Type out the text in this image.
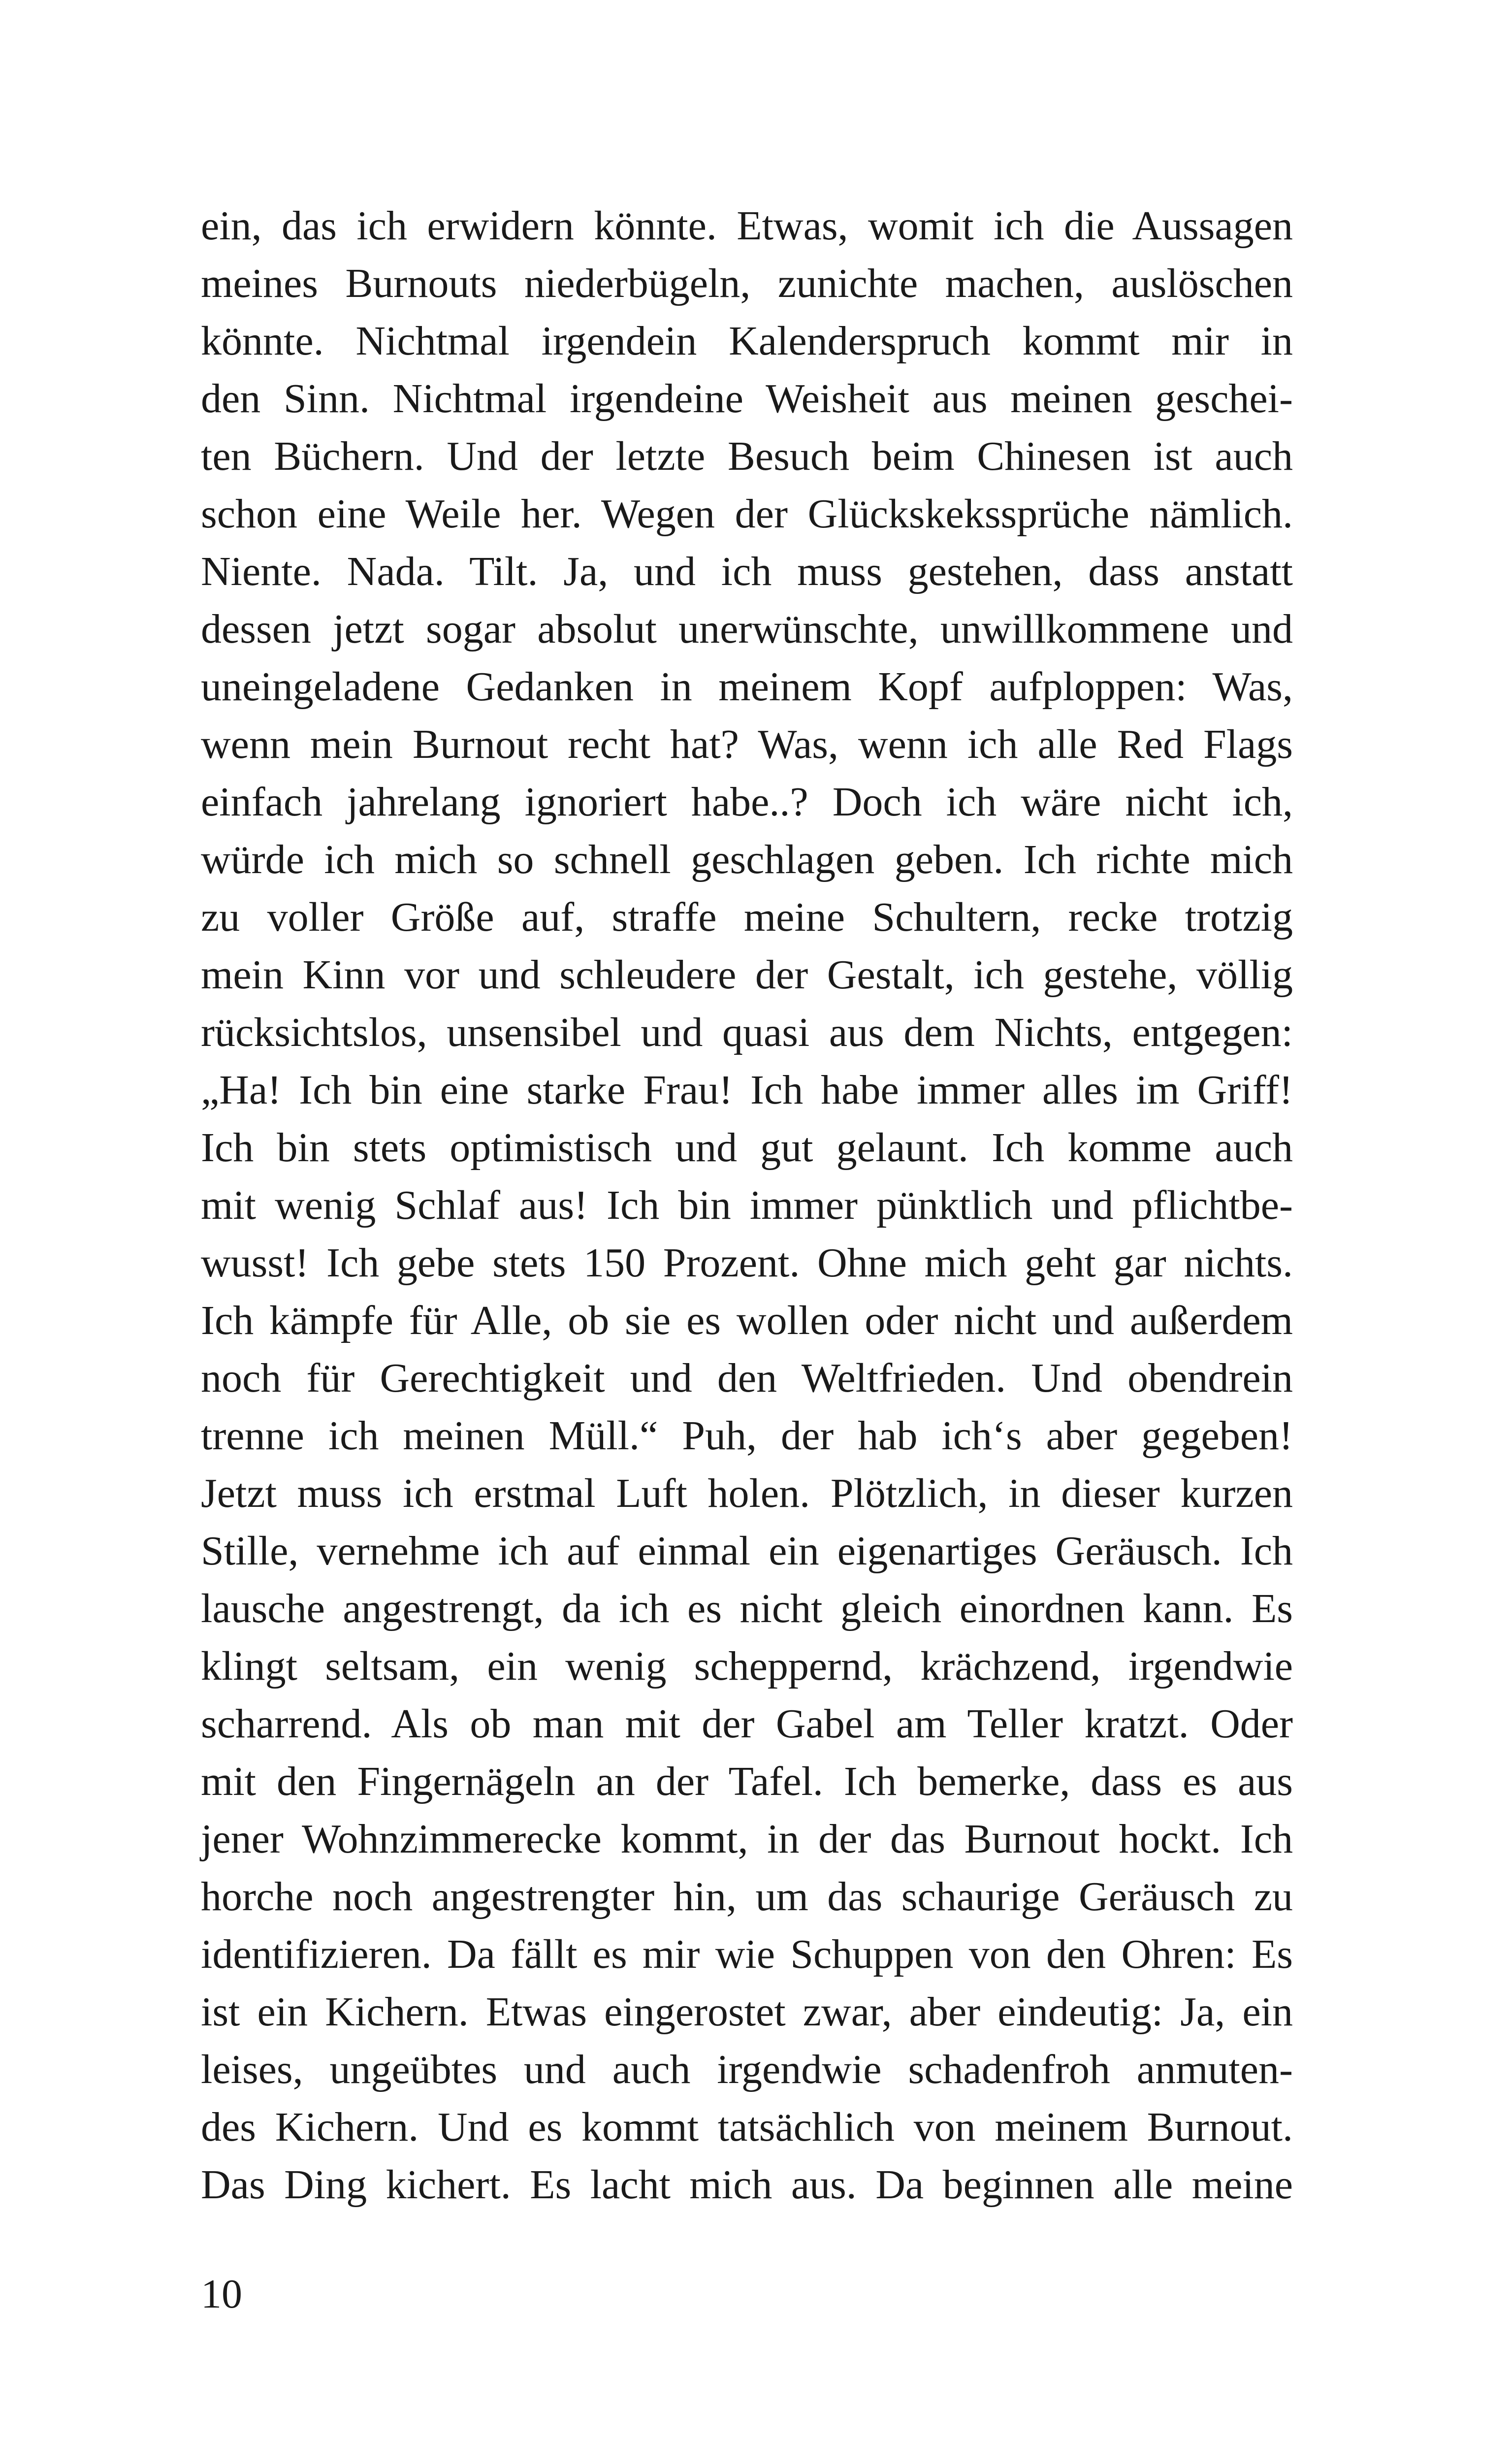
ein, das ich erwidern könnte. Etwas, womit ich die Aussagen
meines Burnouts niederbügeln, zunichte machen, auslöschen
könnte. Nichtmal irgendein Kalenderspruch kommt mir in
den Sinn. Nichtmal irgendeine Weisheit aus meinen geschei-
ten Büchern. Und der letzte Besuch beim Chinesen ist auch
schon eine Weile her. Wegen der Glückskekssprüche nämlich.
Niente. Nada. Tilt. Ja, und ich muss gestehen, dass anstatt
dessen jetzt sogar absolut unerwünschte, unwillkommene und
uneingeladene Gedanken in meinem Kopf aufploppen: Was,
wenn mein Burnout recht hat? Was, wenn ich alle Red Flags
einfach jahrelang ignoriert habe..? Doch ich wäre nicht ich,
würde ich mich so schnell geschlagen geben. Ich richte mich
zu voller Größe auf, straffe meine Schultern, recke trotzig
mein Kinn vor und schleudere der Gestalt, ich gestehe, völlig
rücksichtslos, unsensibel und quasi aus dem Nichts, entgegen:
„Ha! Ich bin eine starke Frau! Ich habe immer alles im Griff!
Ich bin stets optimistisch und gut gelaunt. Ich komme auch
mit wenig Schlaf aus! Ich bin immer pünktlich und pflichtbe-
wusst! Ich gebe stets 150 Prozent. Ohne mich geht gar nichts.
Ich kämpfe für Alle, ob sie es wollen oder nicht und außerdem
noch für Gerechtigkeit und den Weltfrieden. Und obendrein
trenne ich meinen Müll.“ Puh, der hab ich‘s aber gegeben!
Jetzt muss ich erstmal Luft holen. Plötzlich, in dieser kurzen
Stille, vernehme ich auf einmal ein eigenartiges Geräusch. Ich
lausche angestrengt, da ich es nicht gleich einordnen kann. Es
klingt seltsam, ein wenig scheppernd, krächzend, irgendwie
scharrend. Als ob man mit der Gabel am Teller kratzt. Oder
mit den Fingernägeln an der Tafel. Ich bemerke, dass es aus
jener Wohnzimmerecke kommt, in der das Burnout hockt. Ich
horche noch angestrengter hin, um das schaurige Geräusch zu
identifizieren. Da fällt es mir wie Schuppen von den Ohren: Es
ist ein Kichern. Etwas eingerostet zwar, aber eindeutig: Ja, ein
leises, ungeübtes und auch irgendwie schadenfroh anmuten-
des Kichern. Und es kommt tatsächlich von meinem Burnout.
Das Ding kichert. Es lacht mich aus. Da beginnen alle meine
10
